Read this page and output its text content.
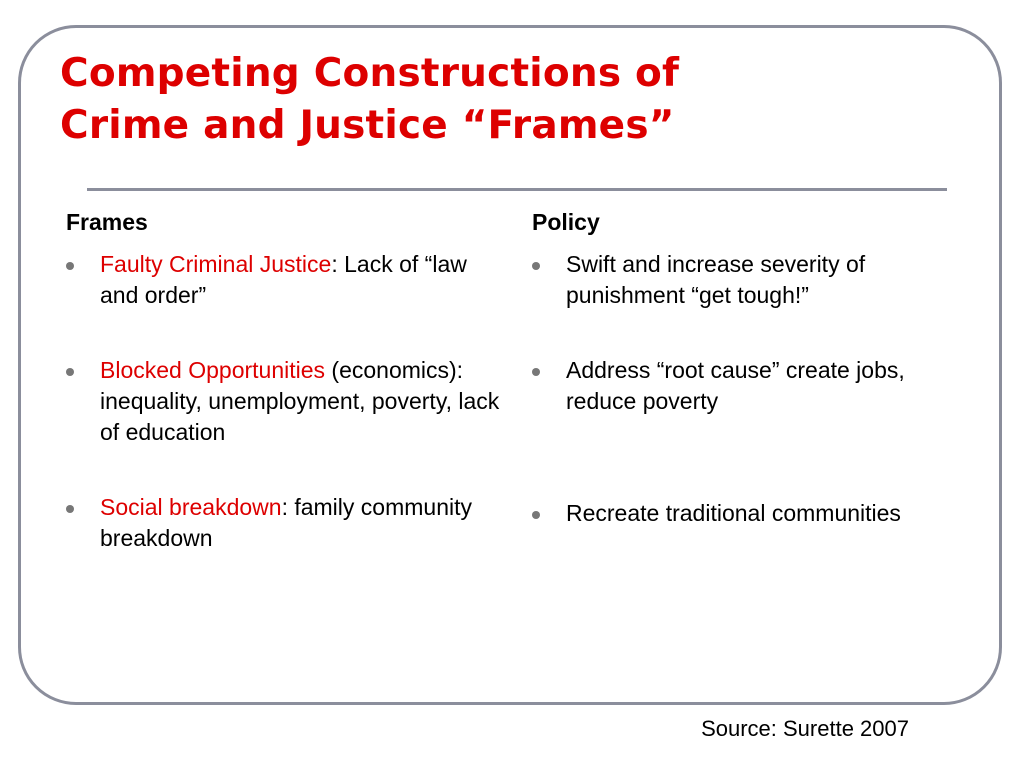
Competing Constructions of
Crime and Justice “Frames”
Frames
Faulty Criminal Justice: Lack of “law and order”
Blocked Opportunities (economics): inequality, unemployment, poverty, lack of education
Social breakdown: family community breakdown
Policy
Swift and increase severity of punishment “get tough!”
Address “root cause” create jobs, reduce poverty
Recreate traditional communities
Source: Surette 2007
